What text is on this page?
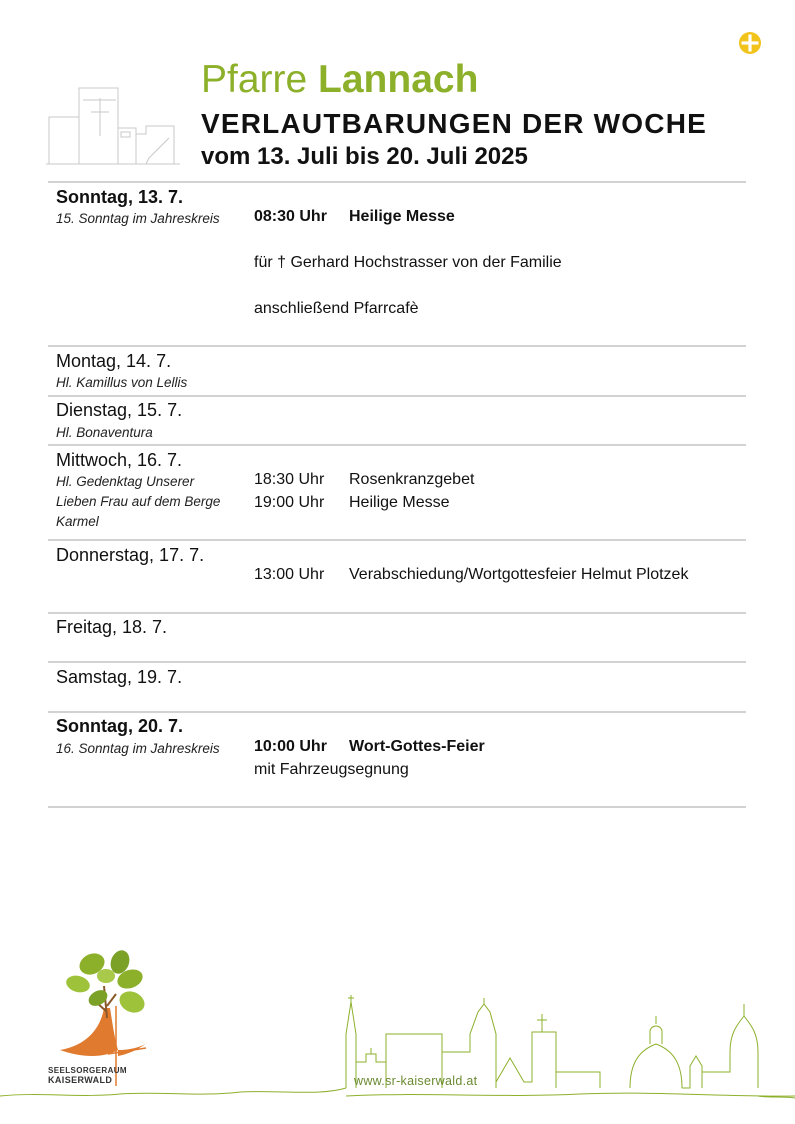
Pfarre Lannach
VERLAUTBARUNGEN DER WOCHE
vom 13. Juli bis 20. Juli 2025
Sonntag, 13. 7.
15. Sonntag im Jahreskreis 08:30 Uhr Heilige Messe
für † Gerhard Hochstrasser von der Familie
anschließend Pfarrcafè
Montag, 14. 7.
Hl. Kamillus von Lellis
Dienstag, 15. 7.
Hl. Bonaventura
Mittwoch, 16. 7.
Hl. Gedenktag Unserer
Lieben Frau auf dem Berge
Karmel
18:30 Uhr Rosenkranzgebet
19:00 Uhr Heilige Messe
Donnerstag, 17. 7.
13:00 Uhr Verabschiedung/Wortgottesfeier Helmut Plotzek
Freitag, 18. 7.
Samstag, 19. 7.
Sonntag, 20. 7.
16. Sonntag im Jahreskreis 10:00 Uhr Wort-Gottes-Feier
mit Fahrzeugsegnung
SEELSORGERAUM
KAISERWALD	www.sr-kaiserwald.at
